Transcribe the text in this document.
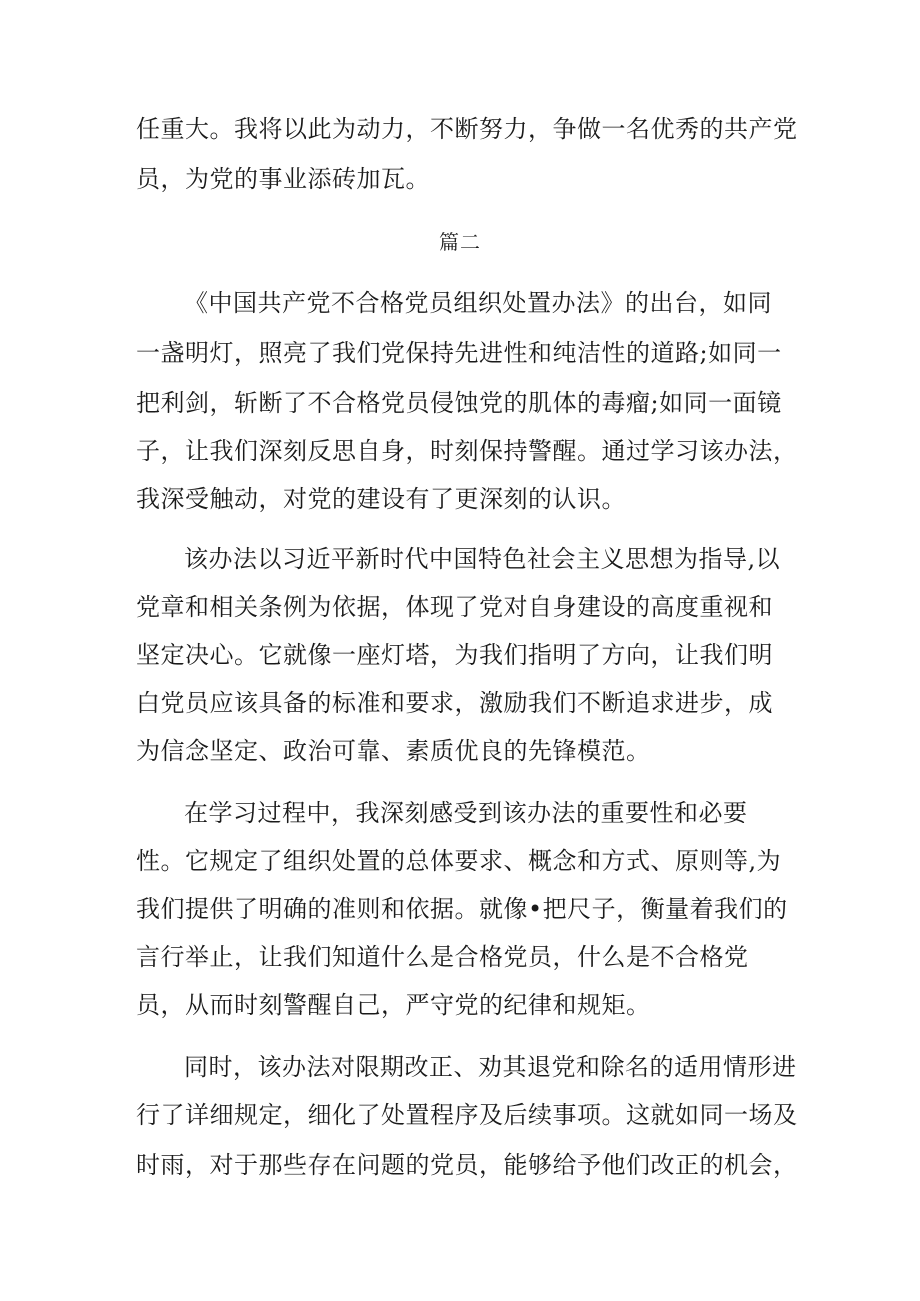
任重大。我将以此为动力，不断努力，争做一名优秀的共产党
员，为党的事业添砖加瓦。
篇二
《中国共产党不合格党员组织处置办法》的出台，如同
一盏明灯，照亮了我们党保持先进性和纯洁性的道路;如同一
把利剑，斩断了不合格党员侵蚀党的肌体的毒瘤;如同一面镜
子，让我们深刻反思自身，时刻保持警醒。通过学习该办法，
我深受触动，对党的建设有了更深刻的认识。
该办法以习近平新时代中国特色社会主义思想为指导,以
党章和相关条例为依据，体现了党对自身建设的高度重视和
坚定决心。它就像一座灯塔，为我们指明了方向，让我们明
白党员应该具备的标准和要求，激励我们不断追求进步，成
为信念坚定、政治可靠、素质优良的先锋模范。
在学习过程中，我深刻感受到该办法的重要性和必要
性。它规定了组织处置的总体要求、概念和方式、原则等,为
我们提供了明确的准则和依据。就像•把尺子，衡量着我们的
言行举止，让我们知道什么是合格党员，什么是不合格党
员，从而时刻警醒自己，严守党的纪律和规矩。
同时，该办法对限期改正、劝其退党和除名的适用情形进
行了详细规定，细化了处置程序及后续事项。这就如同一场及
时雨，对于那些存在问题的党员，能够给予他们改正的机会，
